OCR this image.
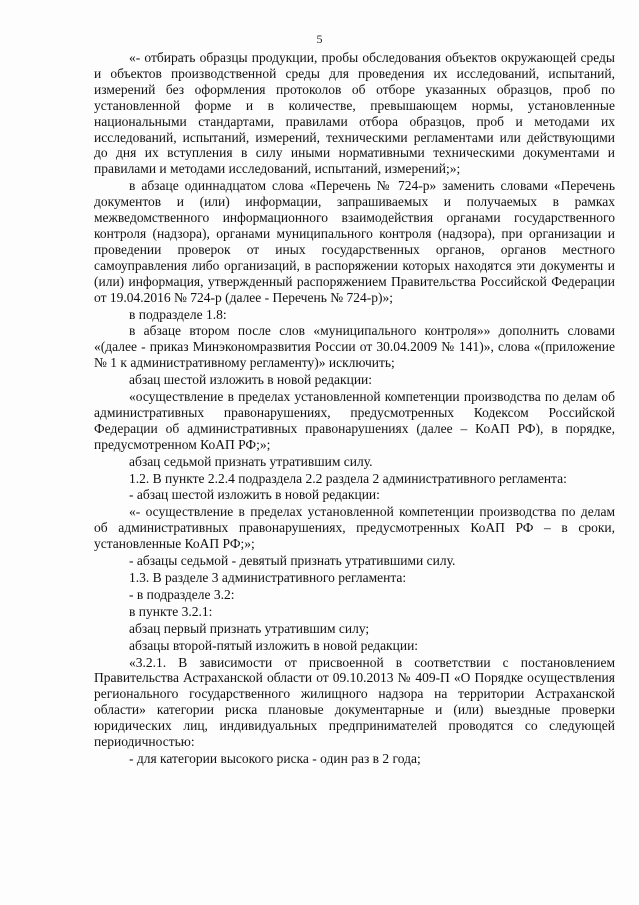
5

«- отбирать образцы продукции, пробы обследования объектов окружающей среды и объектов производственной среды для проведения их исследований, испытаний, измерений без оформления протоколов об отборе указанных образцов, проб по установленной форме и в количестве, превышающем нормы, установленные национальными стандартами, правилами отбора образцов, проб и методами их исследований, испытаний, измерений, техническими регламентами или действующими до дня их вступления в силу иными нормативными техническими документами и правилами и методами исследований, испытаний, измерений;»;

в абзаце одиннадцатом слова «Перечень № 724-р» заменить словами «Перечень документов и (или) информации, запрашиваемых и получаемых в рамках межведомственного информационного взаимодействия органами государственного контроля (надзора), органами муниципального контроля (надзора), при организации и проведении проверок от иных государственных органов, органов местного самоуправления либо организаций, в распоряжении которых находятся эти документы и (или) информация, утвержденный распоряжением Правительства Российской Федерации от 19.04.2016 № 724-р (далее - Перечень № 724-р)»;

в подразделе 1.8:

в абзаце втором после слов «муниципального контроля»» дополнить словами «(далее - приказ Минэкономразвития России от 30.04.2009 № 141)», слова «(приложение № 1 к административному регламенту)» исключить;

абзац шестой изложить в новой редакции:

«осуществление в пределах установленной компетенции производства по делам об административных правонарушениях, предусмотренных Кодексом Российской Федерации об административных правонарушениях (далее – КоАП РФ), в порядке, предусмотренном КоАП РФ;»;

абзац седьмой признать утратившим силу.

1.2. В пункте 2.2.4 подраздела 2.2 раздела 2 административного регламента:

- абзац шестой изложить в новой редакции:

«- осуществление в пределах установленной компетенции производства по делам об административных правонарушениях, предусмотренных КоАП РФ – в сроки, установленные КоАП РФ;»;

- абзацы седьмой - девятый признать утратившими силу.

1.3. В разделе 3 административного регламента:

- в подразделе 3.2:

в пункте 3.2.1:

абзац первый признать утратившим силу;

абзацы второй-пятый изложить в новой редакции:

«3.2.1. В зависимости от присвоенной в соответствии с постановлением Правительства Астраханской области от 09.10.2013 № 409-П «О Порядке осуществления регионального государственного жилищного надзора на территории Астраханской области» категории риска плановые документарные и (или) выездные проверки юридических лиц, индивидуальных предпринимателей проводятся со следующей периодичностью:

- для категории высокого риска - один раз в 2 года;
